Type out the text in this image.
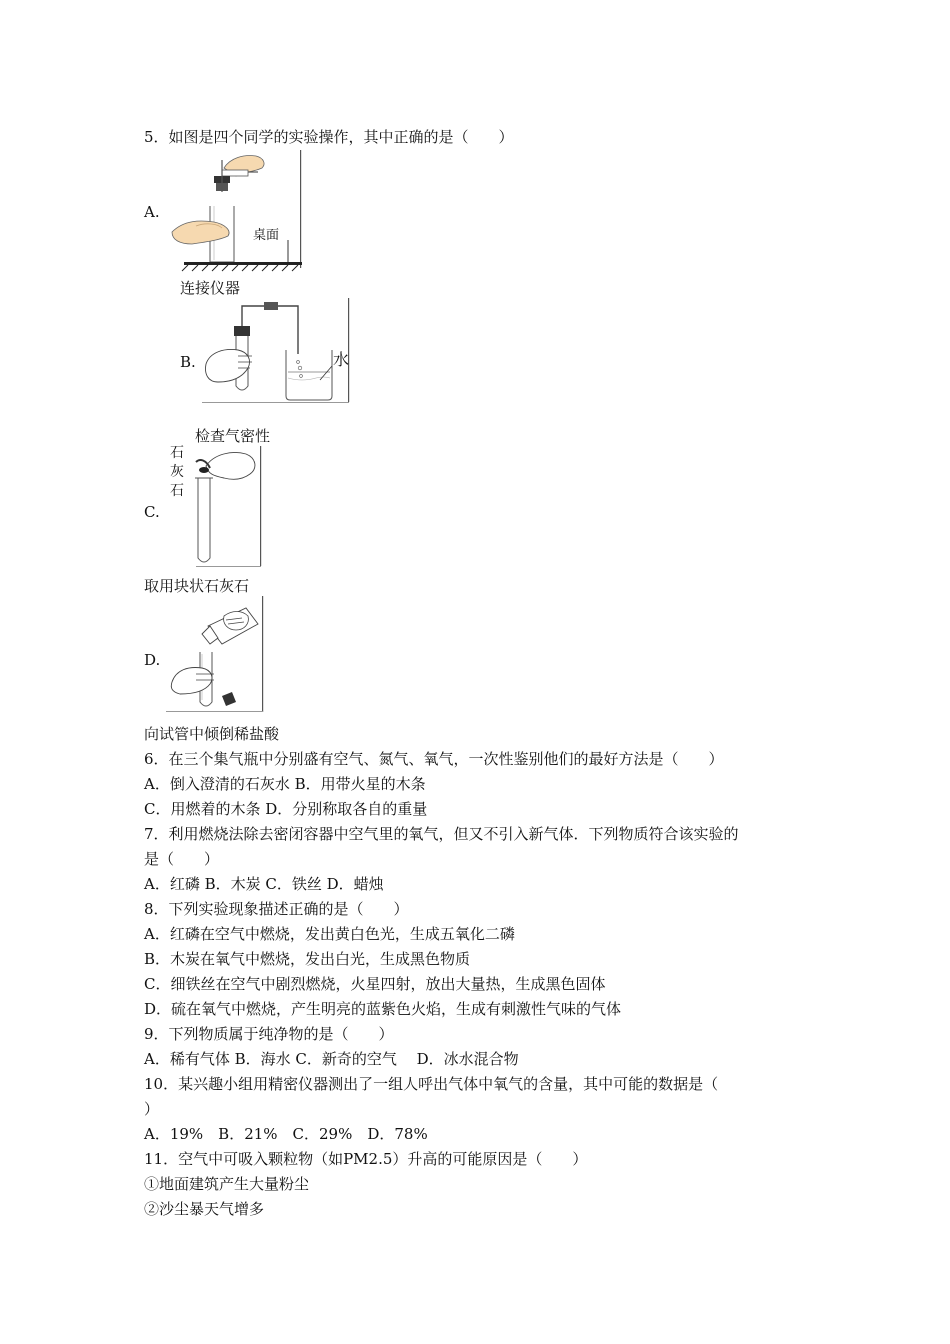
5．如图是四个同学的实验操作，其中正确的是（　　）
A.
桌面
连接仪器
B.	水
检查气密性
C.
石
灰
石
取用块状石灰石
D.
向试管中倾倒稀盐酸
6．在三个集气瓶中分别盛有空气、氮气、氧气，一次性鉴别他们的最好方法是（　　）
A．倒入澄清的石灰水 B．用带火星的木条
C．用燃着的木条 D．分别称取各自的重量
7．利用燃烧法除去密闭容器中空气里的氧气，但又不引入新气体．下列物质符合该实验的
是（　　）
A．红磷 B．木炭 C．铁丝 D．蜡烛
8．下列实验现象描述正确的是（　　）
A．红磷在空气中燃烧，发出黄白色光，生成五氧化二磷
B．木炭在氧气中燃烧，发出白光，生成黑色物质
C．细铁丝在空气中剧烈燃烧，火星四射，放出大量热，生成黑色固体
D．硫在氧气中燃烧，产生明亮的蓝紫色火焰，生成有刺激性气味的气体
9．下列物质属于纯净物的是（　　）
A．稀有气体 B．海水 C．新奇的空气　 D．冰水混合物
10．某兴趣小组用精密仪器测出了一组人呼出气体中氧气的含量，其中可能的数据是（
）
A．19%　B．21%　C．29%　D．78%
11．空气中可吸入颗粒物（如PM2.5）升高的可能原因是（　　）
①地面建筑产生大量粉尘
②沙尘暴天气增多
